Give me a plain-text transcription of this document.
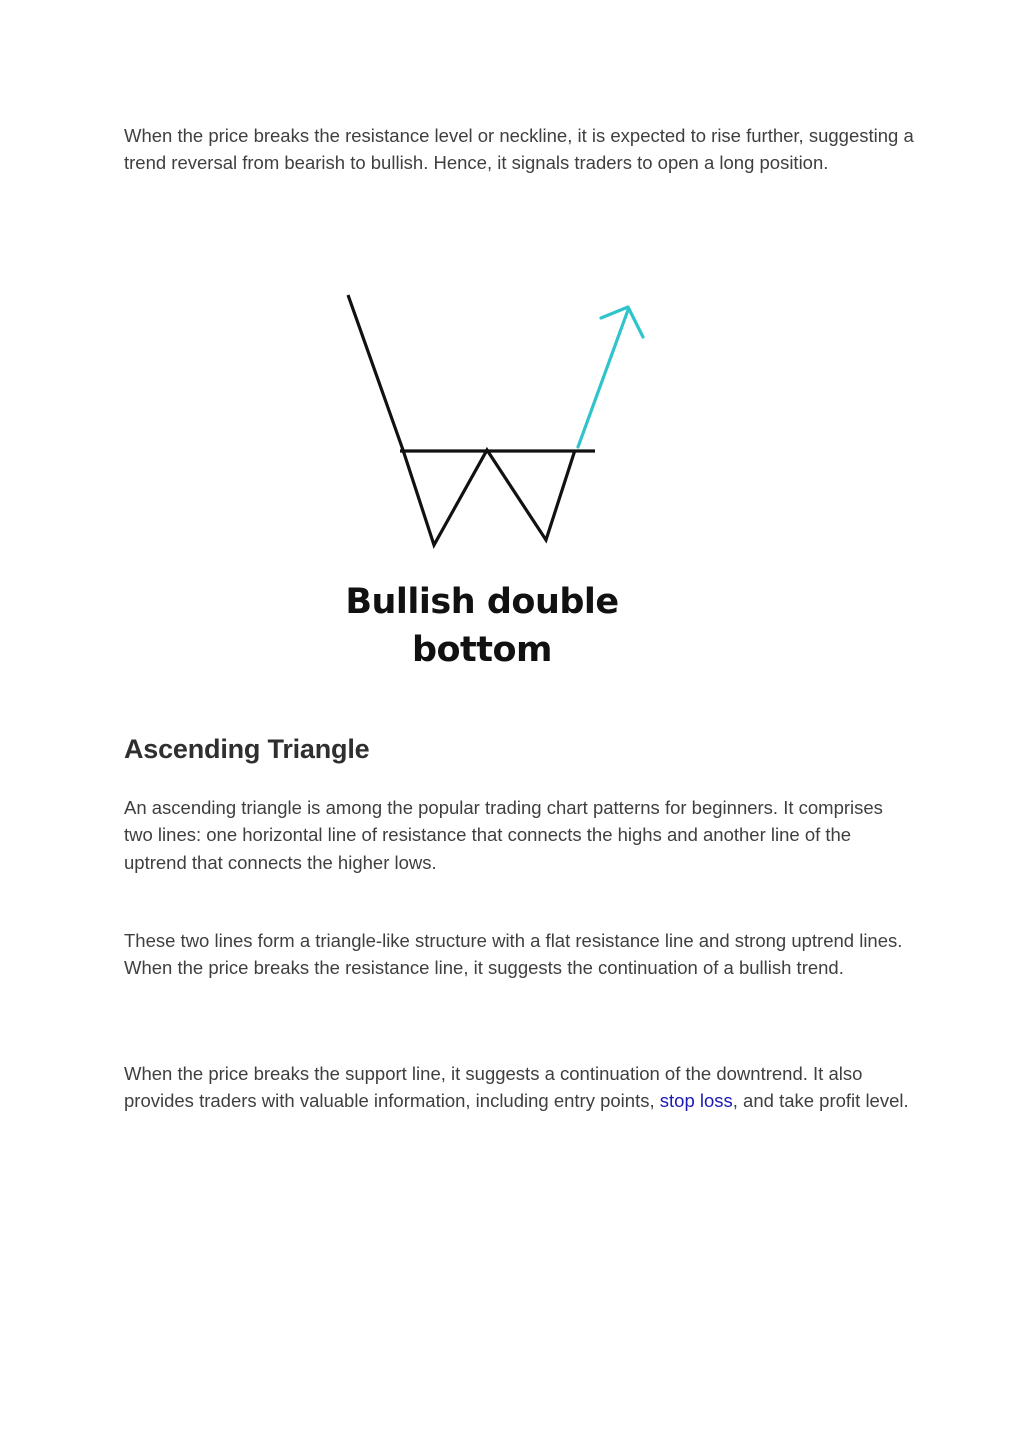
When the price breaks the resistance level or neckline, it is expected to rise further, suggesting a trend reversal from bearish to bullish. Hence, it signals traders to open a long position.

Bullish double
bottom
Ascending Triangle

An ascending triangle is among the popular trading chart patterns for beginners. It comprises two lines: one horizontal line of resistance that connects the highs and another line of the uptrend that connects the higher lows.

These two lines form a triangle-like structure with a flat resistance line and strong uptrend lines. When the price breaks the resistance line, it suggests the continuation of a bullish trend.

When the price breaks the support line, it suggests a continuation of the downtrend. It also provides traders with valuable information, including entry points, stop loss, and take profit level.
